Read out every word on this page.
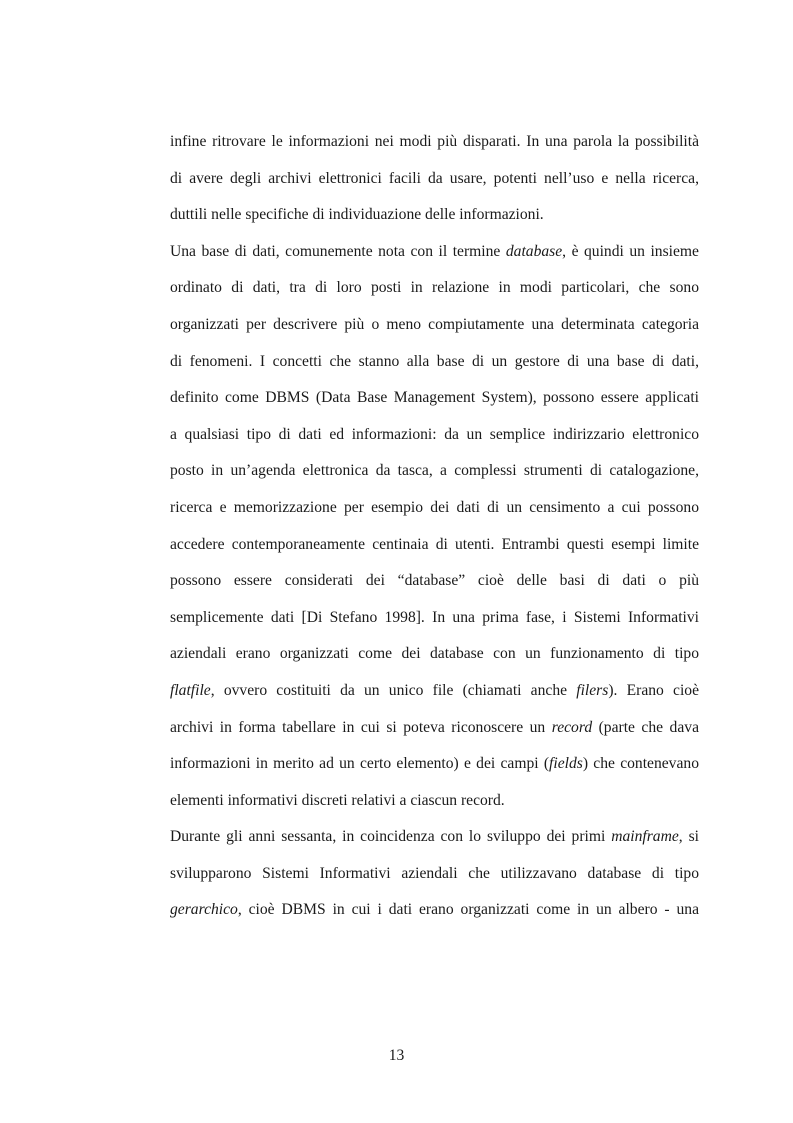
infine ritrovare le informazioni nei modi più disparati. In una parola la possibilità
di avere degli archivi elettronici facili da usare, potenti nell’uso e nella ricerca,
duttili nelle specifiche di individuazione delle informazioni.
Una base di dati, comunemente nota con il termine database, è quindi un insieme
ordinato di dati, tra di loro posti in relazione in modi particolari, che sono
organizzati per descrivere più o meno compiutamente una determinata categoria
di fenomeni. I concetti che stanno alla base di un gestore di una base di dati,
definito come DBMS (Data Base Management System), possono essere applicati
a qualsiasi tipo di dati ed informazioni: da un semplice indirizzario elettronico
posto in un’agenda elettronica da tasca, a complessi strumenti di catalogazione,
ricerca e memorizzazione per esempio dei dati di un censimento a cui possono
accedere contemporaneamente centinaia di utenti. Entrambi questi esempi limite
possono essere considerati dei “database” cioè delle basi di dati o più
semplicemente dati [Di Stefano 1998]. In una prima fase, i Sistemi Informativi
aziendali erano organizzati come dei database con un funzionamento di tipo
flatfile, ovvero costituiti da un unico file (chiamati anche filers). Erano cioè
archivi in forma tabellare in cui si poteva riconoscere un record (parte che dava
informazioni in merito ad un certo elemento) e dei campi (fields) che contenevano
elementi informativi discreti relativi a ciascun record.
Durante gli anni sessanta, in coincidenza con lo sviluppo dei primi mainframe, si
svilupparono Sistemi Informativi aziendali che utilizzavano database di tipo
gerarchico, cioè DBMS in cui i dati erano organizzati come in un albero - una
13
